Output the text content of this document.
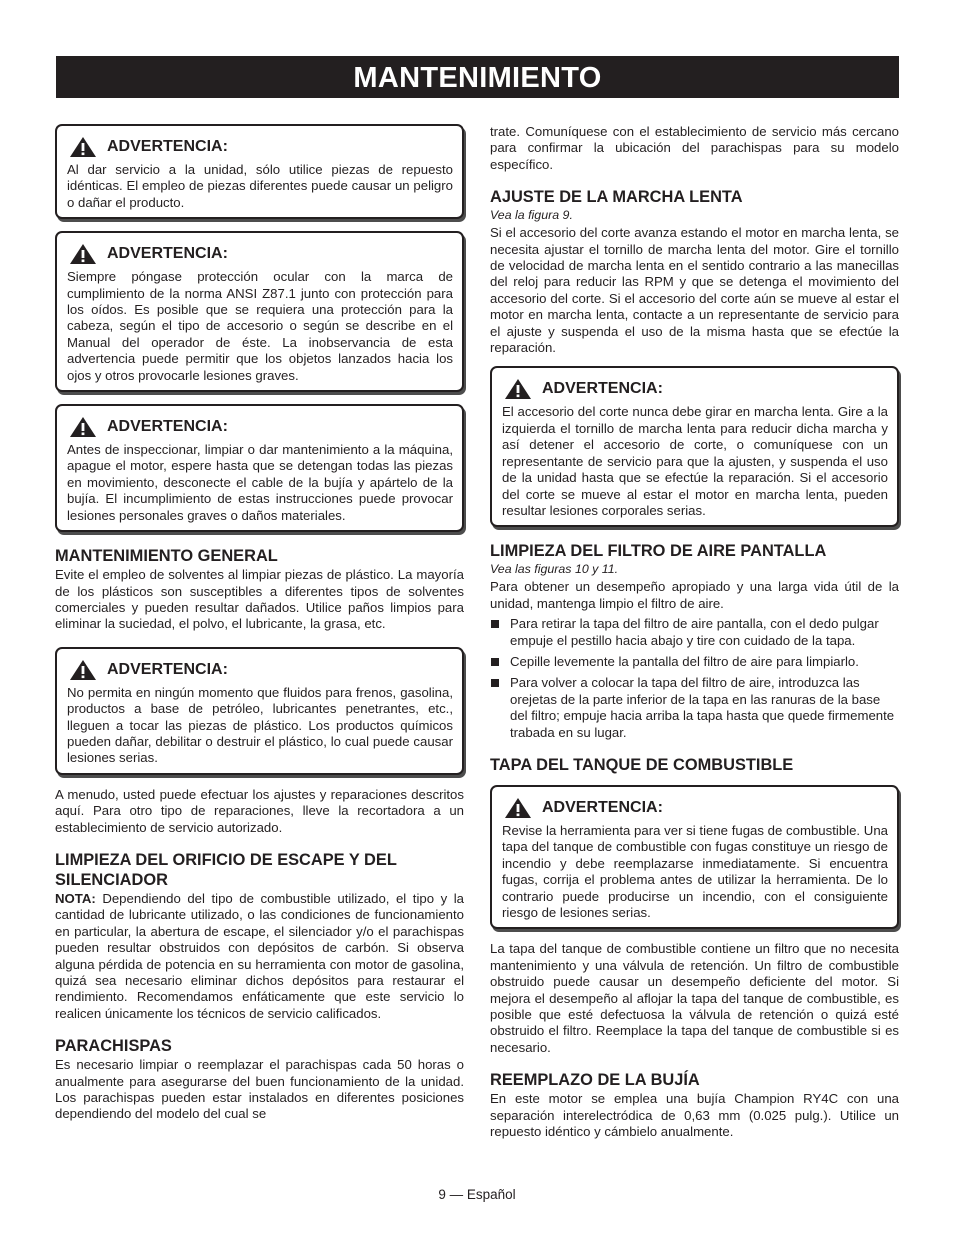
MANTENIMIENTO
ADVERTENCIA:

Al dar servicio a la unidad, sólo utilice piezas de repuesto idénticas. El empleo de piezas diferentes puede causar un peligro o dañar el producto.

ADVERTENCIA:

Siempre póngase protección ocular con la marca de cumplimiento de la norma ANSI Z87.1 junto con protección para los oídos. Es posible que se requiera una protección para la cabeza, según el tipo de accesorio o según se describe en el Manual del operador de éste. La inobservancia de esta advertencia puede permitir que los objetos lanzados hacia los ojos y otros provocarle lesiones graves.

ADVERTENCIA:

Antes de inspeccionar, limpiar o dar mantenimiento a la máquina, apague el motor, espere hasta que se detengan todas las piezas en movimiento, desconecte el cable de la bujía y apártelo de la bujía. El incumplimiento de estas instrucciones puede provocar lesiones personales graves o daños materiales.

MANTENIMIENTO GENERAL

Evite el empleo de solventes al limpiar piezas de plástico. La mayoría de los plásticos son susceptibles a diferentes tipos de solventes comerciales y pueden resultar dañados. Utilice paños limpios para eliminar la suciedad, el polvo, el lubricante, la grasa, etc.

ADVERTENCIA:

No permita en ningún momento que fluidos para frenos, gasolina, productos a base de petróleo, lubricantes penetrantes, etc., lleguen a tocar las piezas de plástico. Los productos químicos pueden dañar, debilitar o destruir el plástico, lo cual puede causar lesiones serias.

A menudo, usted puede efectuar los ajustes y reparaciones descritos aquí. Para otro tipo de reparaciones, lleve la recortadora a un establecimiento de servicio autorizado.

LIMPIEZA DEL ORIFICIO DE ESCAPE Y DEL SILENCIADOR

NOTA: Dependiendo del tipo de combustible utilizado, el tipo y la cantidad de lubricante utilizado, o las condiciones de funcionamiento en particular, la abertura de escape, el silenciador y/o el parachispas pueden resultar obstruidos con depósitos de carbón. Si observa alguna pérdida de potencia en su herramienta con motor de gasolina, quizá sea necesario eliminar dichos depósitos para restaurar el rendimiento. Recomendamos enfáticamente que este servicio lo realicen únicamente los técnicos de servicio calificados.

PARACHISPAS

Es necesario limpiar o reemplazar el parachispas cada 50 horas o anualmente para asegurarse del buen funcionamiento de la unidad. Los parachispas pueden estar instalados en diferentes posiciones dependiendo del modelo del cual se

trate. Comuníquese con el establecimiento de servicio más cercano para confirmar la ubicación del parachispas para su modelo específico.

AJUSTE DE LA MARCHA LENTA
Vea la figura 9.

Si el accesorio del corte avanza estando el motor en marcha lenta, se necesita ajustar el tornillo de marcha lenta del motor. Gire el tornillo de velocidad de marcha lenta en el sentido contrario a las manecillas del reloj para reducir las RPM y que se detenga el movimiento del accesorio del corte. Si el accesorio del corte aún se mueve al estar el motor en marcha lenta, contacte a un representante de servicio para el ajuste y suspenda el uso de la misma hasta que se efectúe la reparación.

ADVERTENCIA:

El accesorio del corte nunca debe girar en marcha lenta. Gire a la izquierda el tornillo de marcha lenta para reducir dicha marcha y así detener el accesorio de corte, o comuníquese con un representante de servicio para que la ajusten, y suspenda el uso de la unidad hasta que se efectúe la reparación. Si el accesorio del corte se mueve al estar el motor en marcha lenta, pueden resultar lesiones corporales serias.

LIMPIEZA DEL FILTRO DE AIRE PANTALLA
Vea las figuras 10 y 11.

Para obtener un desempeño apropiado y una larga vida útil de la unidad, mantenga limpio el filtro de aire.

Para retirar la tapa del filtro de aire pantalla, con el dedo pulgar empuje el pestillo hacia abajo y tire con cuidado de la tapa.
Cepille levemente la pantalla del filtro de aire para limpiarlo.
Para volver a colocar la tapa del filtro de aire, introduzca las orejetas de la parte inferior de la tapa en las ranuras de la base del filtro; empuje hacia arriba la tapa hasta que quede firmemente trabada en su lugar.
TAPA DEL TANQUE DE COMBUSTIBLE
ADVERTENCIA:

Revise la herramienta para ver si tiene fugas de combustible. Una tapa del tanque de combustible con fugas constituye un riesgo de incendio y debe reemplazarse inmediatamente. Si encuentra fugas, corrija el problema antes de utilizar la herramienta. De lo contrario puede producirse un incendio, con el consiguiente riesgo de lesiones serias.

La tapa del tanque de combustible contiene un filtro que no necesita mantenimiento y una válvula de retención. Un filtro de combustible obstruido puede causar un desempeño deficiente del motor. Si mejora el desempeño al aflojar la tapa del tanque de combustible, es posible que esté defectuosa la válvula de retención o quizá esté obstruido el filtro. Reemplace la tapa del tanque de combustible si es necesario.

REEMPLAZO DE LA BUJÍA

En este motor se emplea una bujía Champion RY4C con una separación interelectródica de 0,63 mm (0.025 pulg.). Utilice un repuesto idéntico y cámbielo anualmente.

9 — Español
